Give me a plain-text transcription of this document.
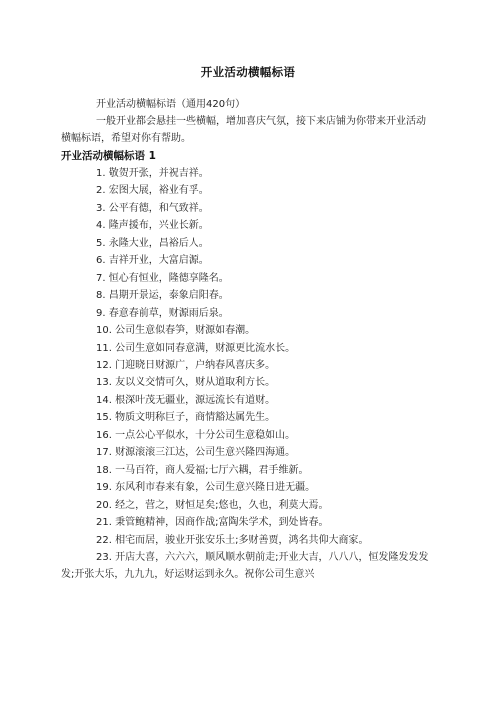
开业活动横幅标语
开业活动横幅标语（通用420句）
一般开业都会悬挂一些横幅，增加喜庆气氛，接下来店铺为你带来开业活动横幅标语，希望对你有帮助。
开业活动横幅标语 1
1. 敬贺开张，并祝吉祥。
2. 宏图大展，裕业有孚。
3. 公平有德，和气致祥。
4. 隆声援布，兴业长新。
5. 永隆大业，昌裕后人。
6. 吉祥开业，大富启源。
7. 恒心有恒业，隆德享隆名。
8. 昌期开景运，泰象启阳春。
9. 春意春前草，财源雨后泉。
10. 公司生意似春笋，财源如春潮。
11. 公司生意如同春意满，财源更比流水长。
12. 门迎晓日财源广，户纳春风喜庆多。
13. 友以义交情可久，财从道取利方长。
14. 根深叶茂无疆业，源远流长有道财。
15. 物质文明称巨子，商情豁达属先生。
16. 一点公心平似水，十分公司生意稳如山。
17. 财源滚滚三江达，公司生意兴隆四海通。
18. 一马百符，商人爱福;七厅六耦，君手维新。
19. 东风利市春来有象，公司生意兴隆日进无疆。
20. 经之，营之，财恒足矣;悠也，久也，利莫大焉。
21. 秉管鲍精神，因商作战;富陶朱学术，到处皆春。
22. 相宅而居，骏业开张安乐土;多财善贾，鸿名共仰大商家。
23. 开店大喜，六六六，顺风顺水朝前走;开业大吉，八八八，恒发隆发发发发;开张大乐，九九九，好运财运到永久。祝你公司生意兴
